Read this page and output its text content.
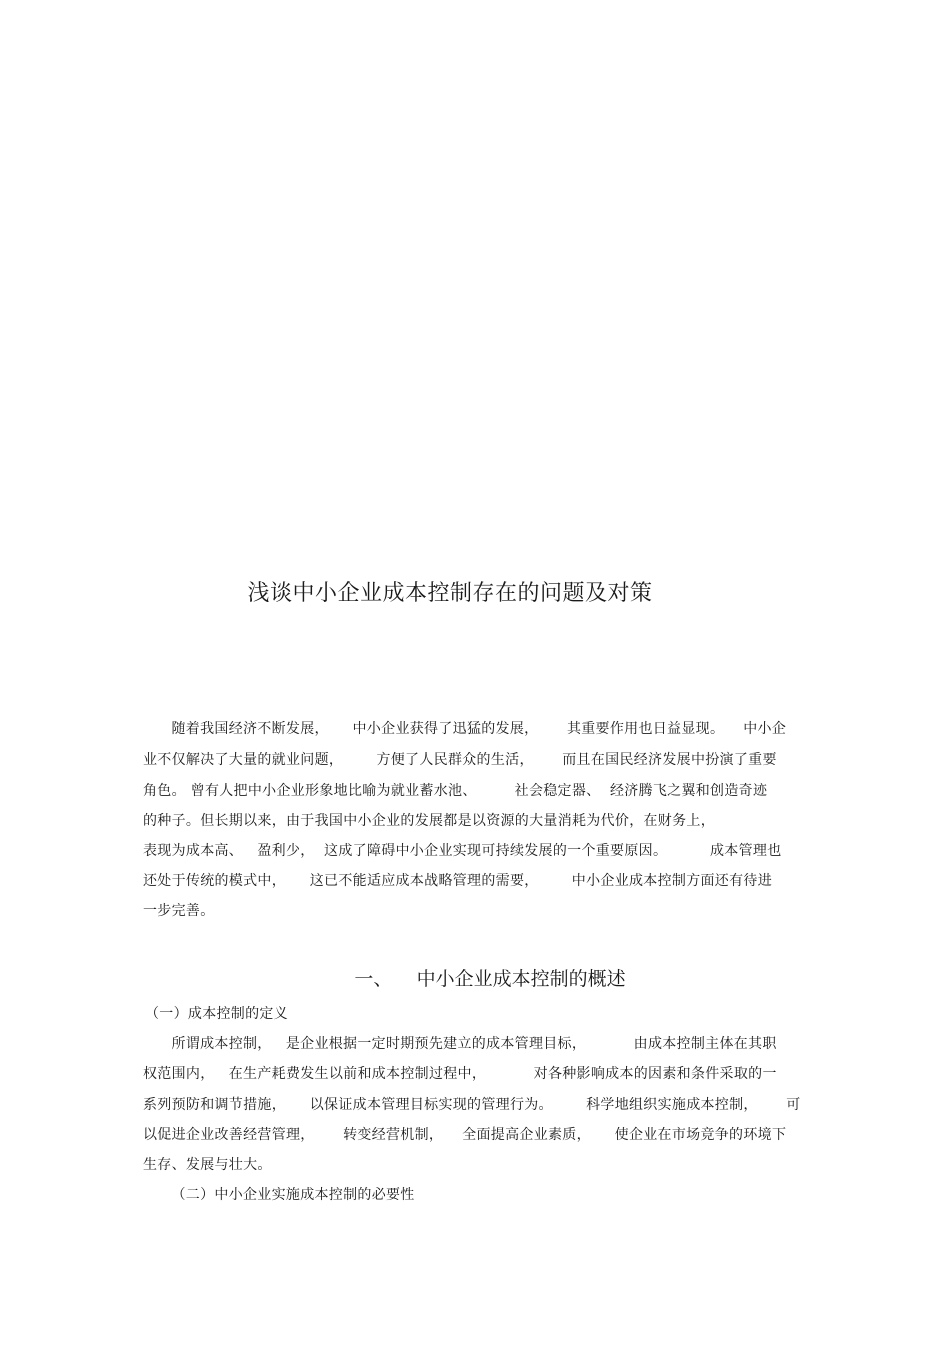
浅谈中小企业成本控制存在的问题及对策
随着我国经济不断发展，     中小企业获得了迅猛的发展，      其重要作用也日益显现。    中小企
业不仅解决了大量的就业问题，       方便了人民群众的生活，      而且在国民经济发展中扮演了重要
角色。 曾有人把中小企业形象地比喻为就业蓄水池、        社会稳定器、  经济腾飞之翼和创造奇迹
的种子。但长期以来，由于我国中小企业的发展都是以资源的大量消耗为代价，在财务上，
表现为成本高、   盈利少，  这成了障碍中小企业实现可持续发展的一个重要原因。         成本管理也
还处于传统的模式中，     这已不能适应成本战略管理的需要，       中小企业成本控制方面还有待进
一步完善。
一、    中小企业成本控制的概述
（一）成本控制的定义
所谓成本控制，   是企业根据一定时期预先建立的成本管理目标，          由成本控制主体在其职
权范围内，   在生产耗费发生以前和成本控制过程中，          对各种影响成本的因素和条件采取的一
系列预防和调节措施，     以保证成本管理目标实现的管理行为。       科学地组织实施成本控制，      可
以促进企业改善经营管理，      转变经营机制，    全面提高企业素质，     使企业在市场竞争的环境下
生存、发展与壮大。
（二）中小企业实施成本控制的必要性
